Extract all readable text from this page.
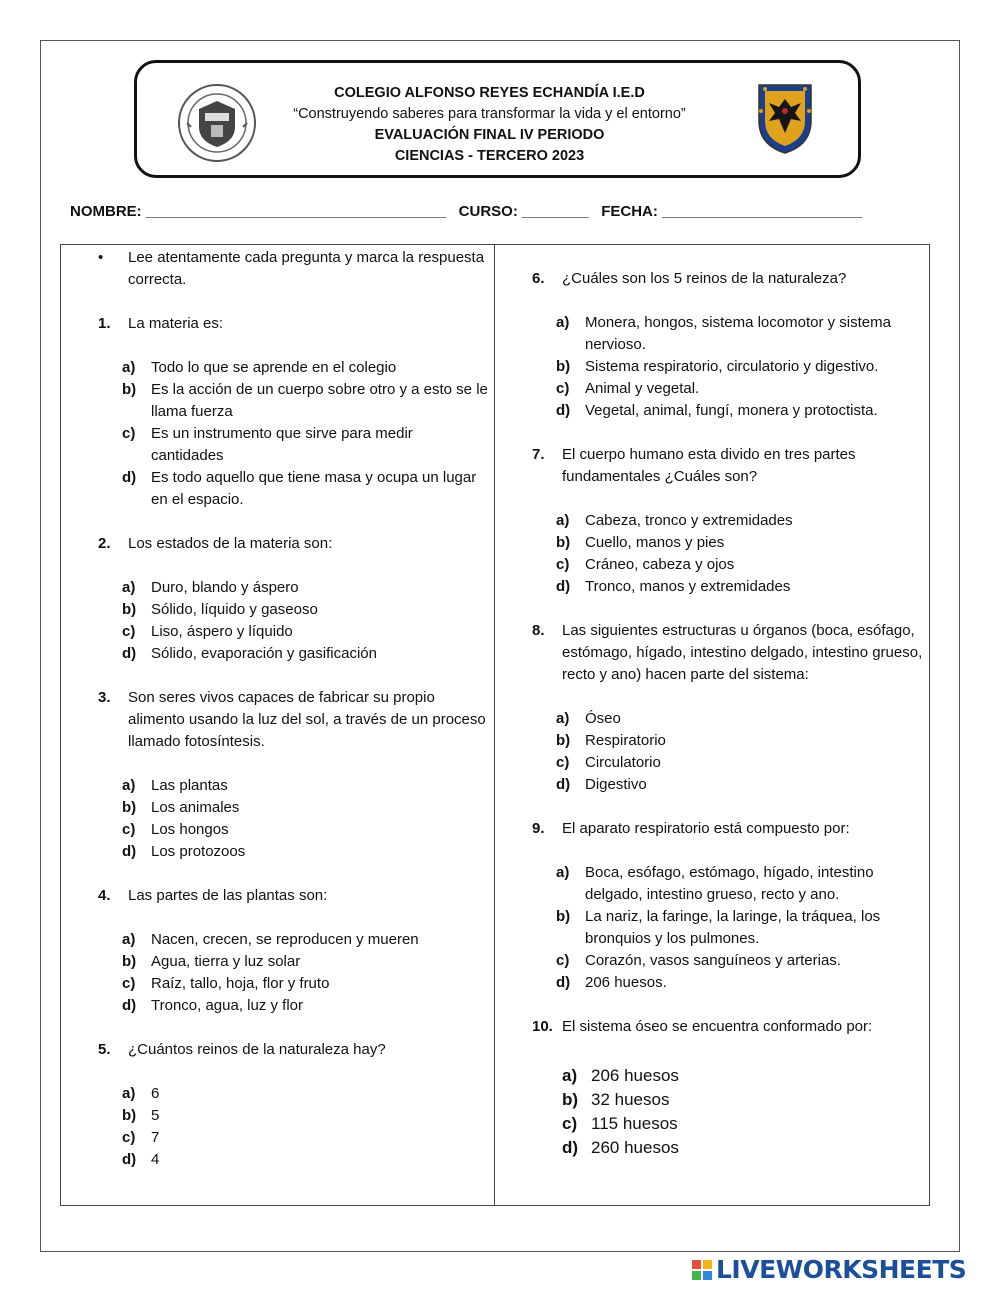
COLEGIO ALFONSO REYES ECHANDÍA I.E.D
“Construyendo saberes para transformar la vida y el entorno”
EVALUACIÓN FINAL IV PERIODO
CIENCIAS - TERCERO 2023
NOMBRE: ____________________________________   CURSO: ________   FECHA: ________________________
• Lee atentamente cada pregunta y marca la respuesta correcta.
1. La materia es:
a) Todo lo que se aprende en el colegio
b) Es la acción de un cuerpo sobre otro y a esto se le llama fuerza
c) Es un instrumento que sirve para medir cantidades
d) Es todo aquello que tiene masa y ocupa un lugar en el espacio.
2. Los estados de la materia son:
a) Duro, blando y áspero
b) Sólido, líquido y gaseoso
c) Liso, áspero y líquido
d) Sólido, evaporación y gasificación
3. Son seres vivos capaces de fabricar su propio alimento usando la luz del sol, a través de un proceso llamado fotosíntesis.
a) Las plantas
b) Los animales
c) Los hongos
d) Los protozoos
4. Las partes de las plantas son:
a) Nacen, crecen, se reproducen y mueren
b) Agua, tierra y luz solar
c) Raíz, tallo, hoja, flor y fruto
d) Tronco, agua, luz y flor
5. ¿Cuántos reinos de la naturaleza hay?
a) 6
b) 5
c) 7
d) 4
6. ¿Cuáles son los 5 reinos de la naturaleza?
a) Monera, hongos, sistema locomotor y sistema nervioso.
b) Sistema respiratorio, circulatorio y digestivo.
c) Animal y vegetal.
d) Vegetal, animal, fungí, monera y protoctista.
7. El cuerpo humano esta divido en tres partes fundamentales ¿Cuáles son?
a) Cabeza, tronco y extremidades
b) Cuello, manos y pies
c) Cráneo, cabeza y ojos
d) Tronco, manos y extremidades
8. Las siguientes estructuras u órganos (boca, esófago, estómago, hígado, intestino delgado, intestino grueso, recto y ano) hacen parte del sistema:
a) Óseo
b) Respiratorio
c) Circulatorio
d) Digestivo
9. El aparato respiratorio está compuesto por:
a) Boca, esófago, estómago, hígado, intestino delgado, intestino grueso, recto y ano.
b) La nariz, la faringe, la laringe, la tráquea, los bronquios y los pulmones.
c) Corazón, vasos sanguíneos y arterias.
d) 206 huesos.
10. El sistema óseo se encuentra conformado por:
a) 206 huesos
b) 32 huesos
c) 115 huesos
d) 260 huesos
LIVEWORKSHEETS
